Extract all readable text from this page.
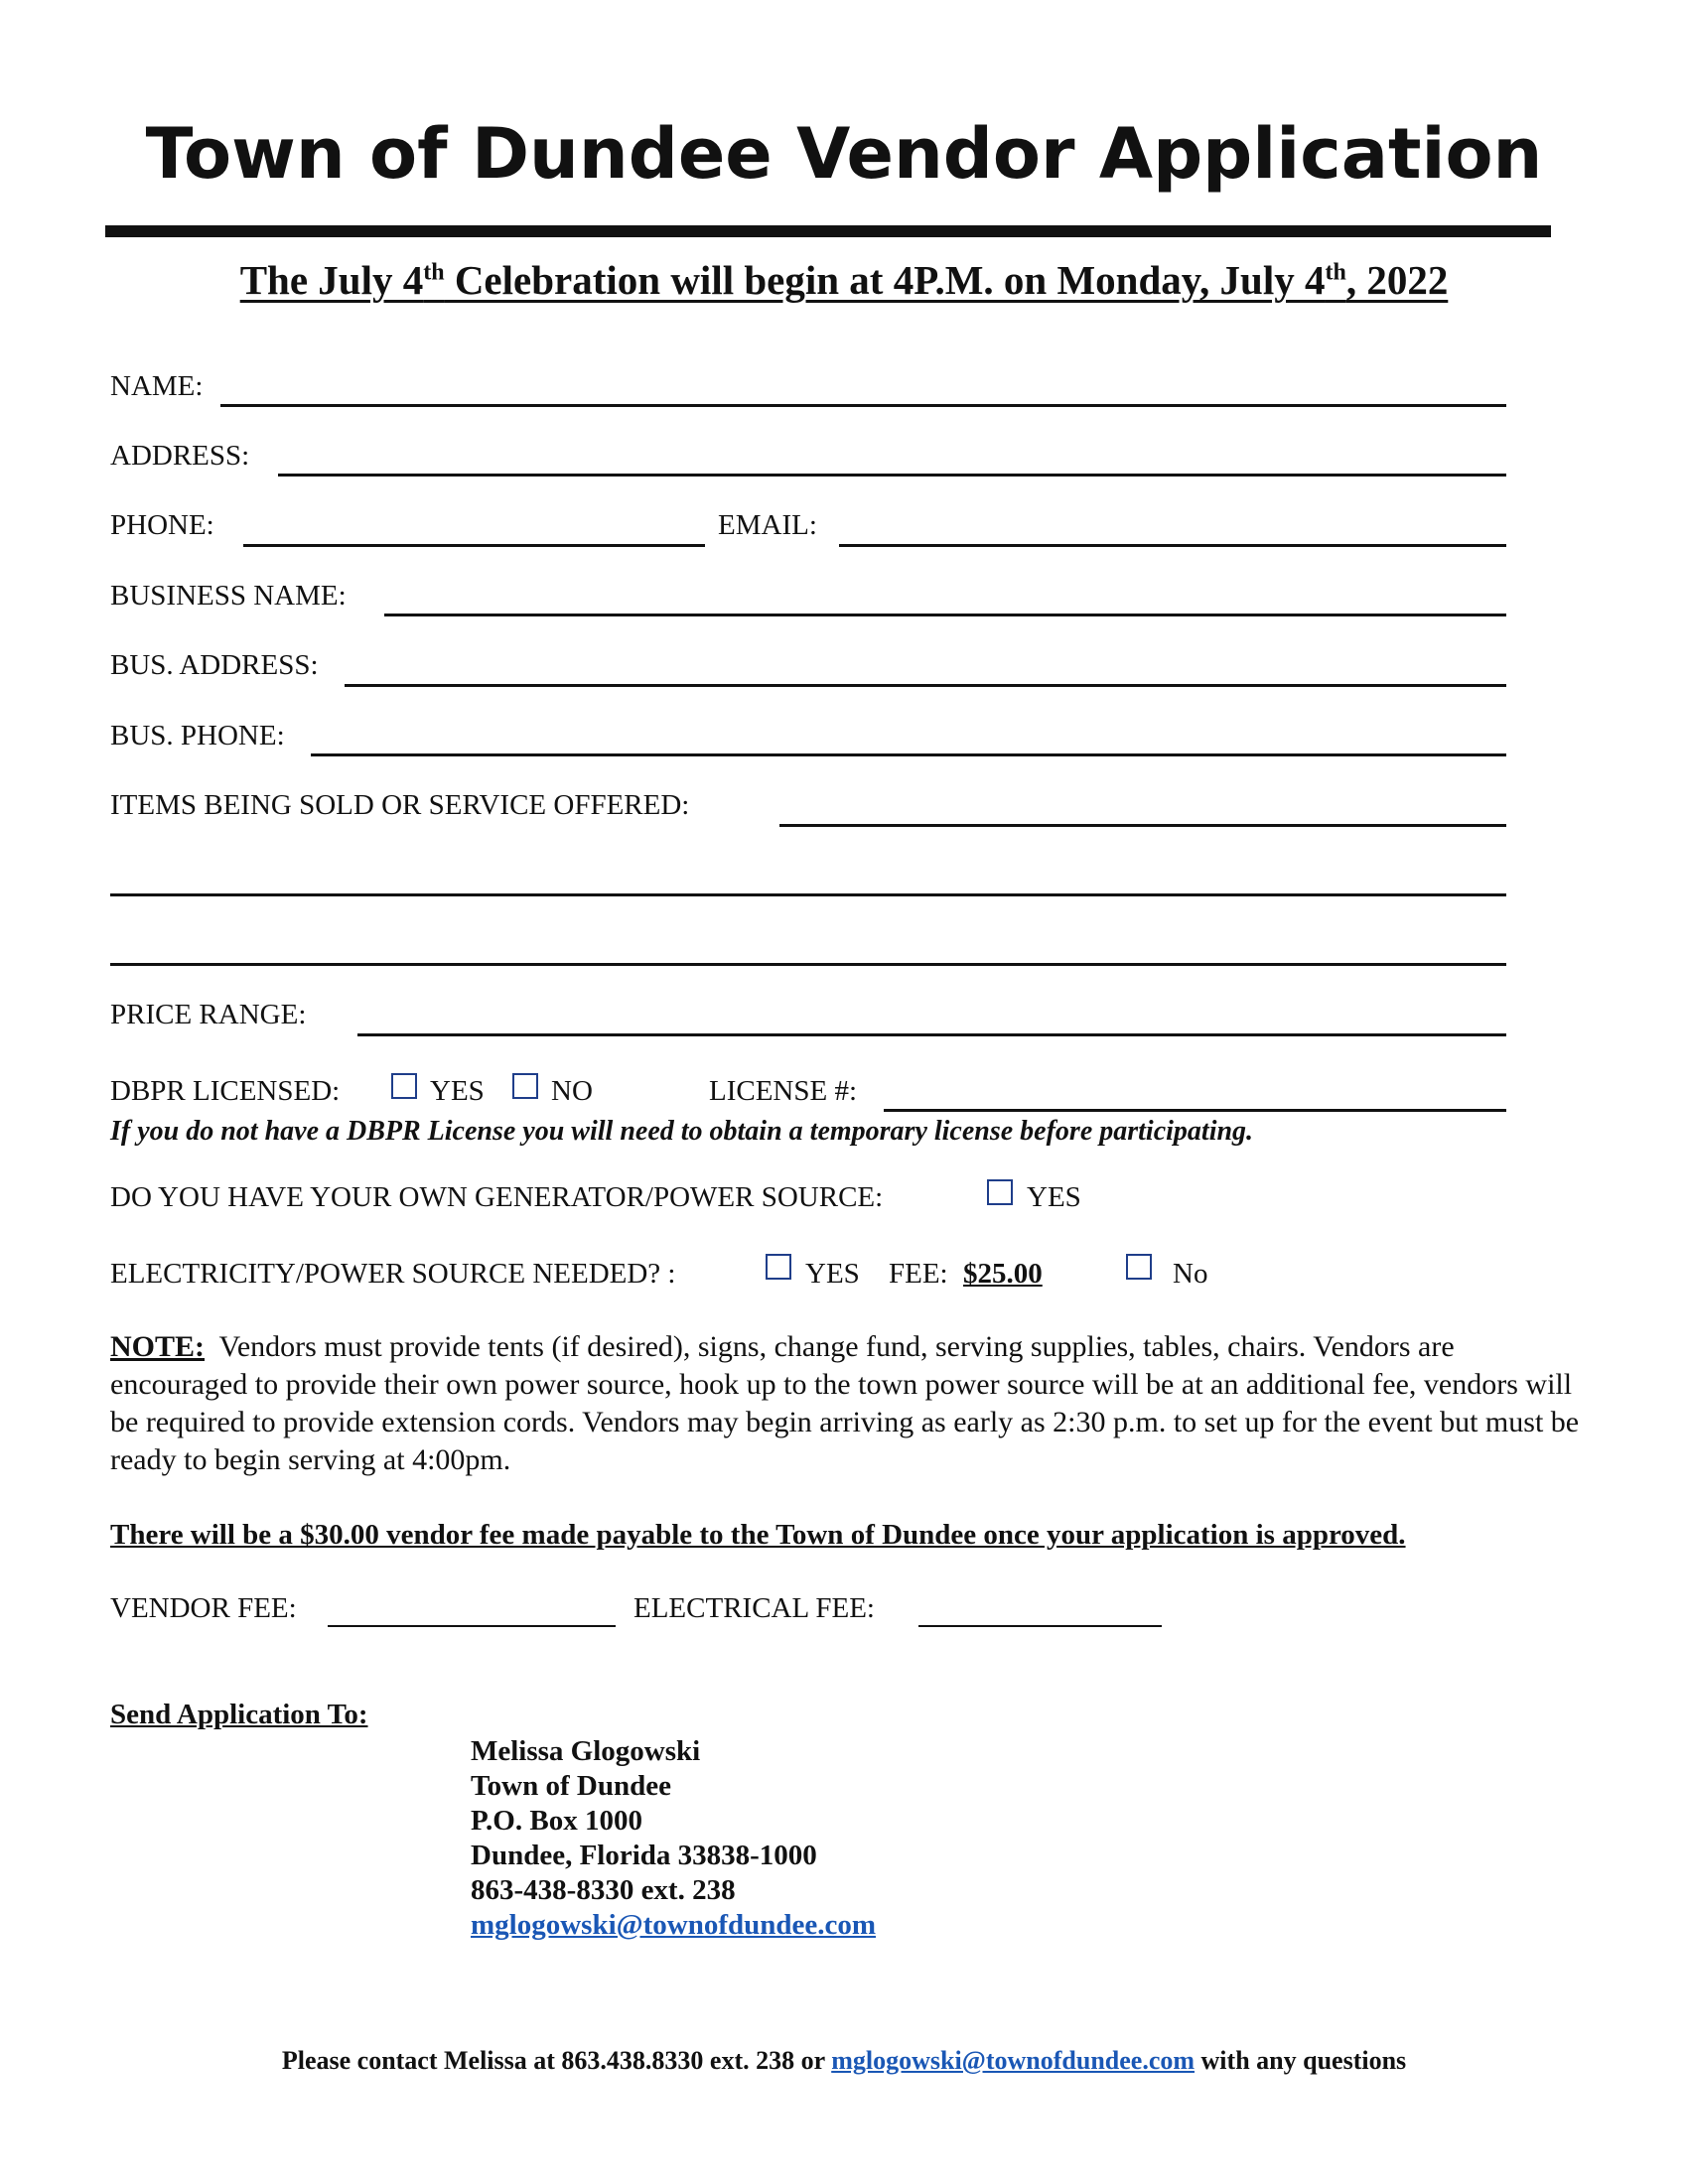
Town of Dundee Vendor Application
The July 4th Celebration will begin at 4P.M. on Monday, July 4th, 2022
NAME:
ADDRESS:
PHONE:	EMAIL:
BUSINESS NAME:
BUS. ADDRESS:
BUS. PHONE:
ITEMS BEING SOLD OR SERVICE OFFERED:
PRICE RANGE:
DBPR LICENSED:	YES NO	LICENSE #:
If you do not have a DBPR License you will need to obtain a temporary license before participating.
DO YOU HAVE YOUR OWN GENERATOR/POWER SOURCE:	YES
ELECTRICITY/POWER SOURCE NEEDED? :	YES FEE: $25.00	No
NOTE: Vendors must provide tents (if desired), signs, change fund, serving supplies, tables, chairs. Vendors are encouraged to provide their own power source, hook up to the town power source will be at an additional fee, vendors will be required to provide extension cords. Vendors may begin arriving as early as 2:30 p.m. to set up for the event but must be ready to begin serving at 4:00pm.
There will be a $30.00 vendor fee made payable to the Town of Dundee once your application is approved.
VENDOR FEE:	ELECTRICAL FEE:
Send Application To:
Melissa Glogowski
Town of Dundee
P.O. Box 1000
Dundee, Florida 33838-1000
863-438-8330 ext. 238
mglogowski@townofdundee.com
Please contact Melissa at 863.438.8330 ext. 238 or mglogowski@townofdundee.com with any questions
